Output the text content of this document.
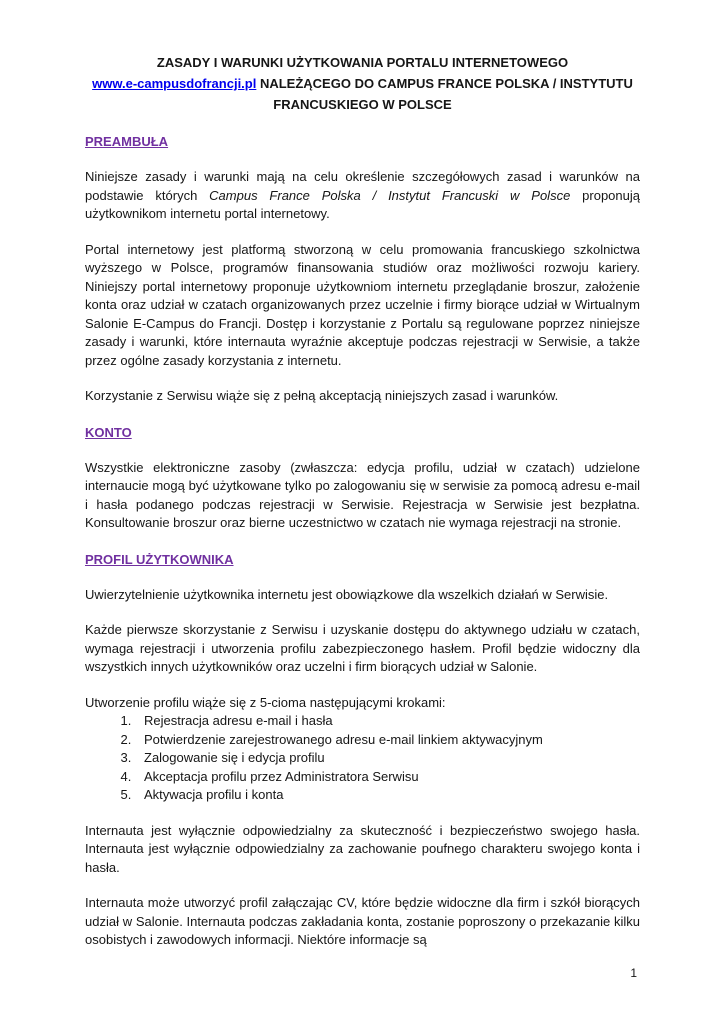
ZASADY I WARUNKI UŻYTKOWANIA PORTALU INTERNETOWEGO
www.e-campusdofrancji.pl NALEŻĄCEGO DO CAMPUS FRANCE POLSKA / INSTYTUTU
FRANCUSKIEGO W POLSCE
PREAMBUŁA

Niniejsze zasady i warunki mają na celu określenie szczegółowych zasad i warunków na podstawie których Campus France Polska / Instytut Francuski w Polsce proponują użytkownikom internetu portal internetowy.

Portal internetowy jest platformą stworzoną w celu promowania francuskiego szkolnictwa wyższego w Polsce, programów finansowania studiów oraz możliwości rozwoju kariery. Niniejszy portal internetowy proponuje użytkowniom internetu przeglądanie broszur, założenie konta oraz udział w czatach organizowanych przez uczelnie i firmy biorące udział w Wirtualnym Salonie E-Campus do Francji. Dostęp i korzystanie z Portalu są regulowane poprzez niniejsze zasady i warunki, które internauta wyraźnie akceptuje podczas rejestracji w Serwisie, a także przez ogólne zasady korzystania z internetu.

Korzystanie z Serwisu wiąże się z pełną akceptacją niniejszych zasad i warunków.

KONTO

Wszystkie elektroniczne zasoby (zwłaszcza: edycja profilu, udział w czatach) udzielone internaucie mogą być użytkowane tylko po zalogowaniu się w serwisie za pomocą adresu e-mail i hasła podanego podczas rejestracji w Serwisie. Rejestracja w Serwisie jest bezpłatna. Konsultowanie broszur oraz bierne uczestnictwo w czatach nie wymaga rejestracji na stronie.

PROFIL UŻYTKOWNIKA

Uwierzytelnienie użytkownika internetu jest obowiązkowe dla wszelkich działań w Serwisie.

Każde pierwsze skorzystanie z Serwisu i uzyskanie dostępu do aktywnego udziału w czatach, wymaga rejestracji i utworzenia profilu zabezpieczonego hasłem. Profil będzie widoczny dla wszystkich innych użytkowników oraz uczelni i firm biorących udział w Salonie.

Utworzenie profilu wiąże się z 5-cioma następującymi krokami:

1. Rejestracja adresu e-mail i hasła
2. Potwierdzenie zarejestrowanego adresu e-mail linkiem aktywacyjnym
3. Zalogowanie się i edycja profilu
4. Akceptacja profilu przez Administratora Serwisu
5. Aktywacja profilu i konta

Internauta jest wyłącznie odpowiedzialny za skuteczność i bezpieczeństwo swojego hasła. Internauta jest wyłącznie odpowiedzialny za zachowanie poufnego charakteru swojego konta i hasła.

Internauta może utworzyć profil załączając CV, które będzie widoczne dla firm i szkół biorących udział w Salonie. Internauta podczas zakładania konta, zostanie poproszony o przekazanie kilku osobistych i zawodowych informacji. Niektóre informacje są

1
